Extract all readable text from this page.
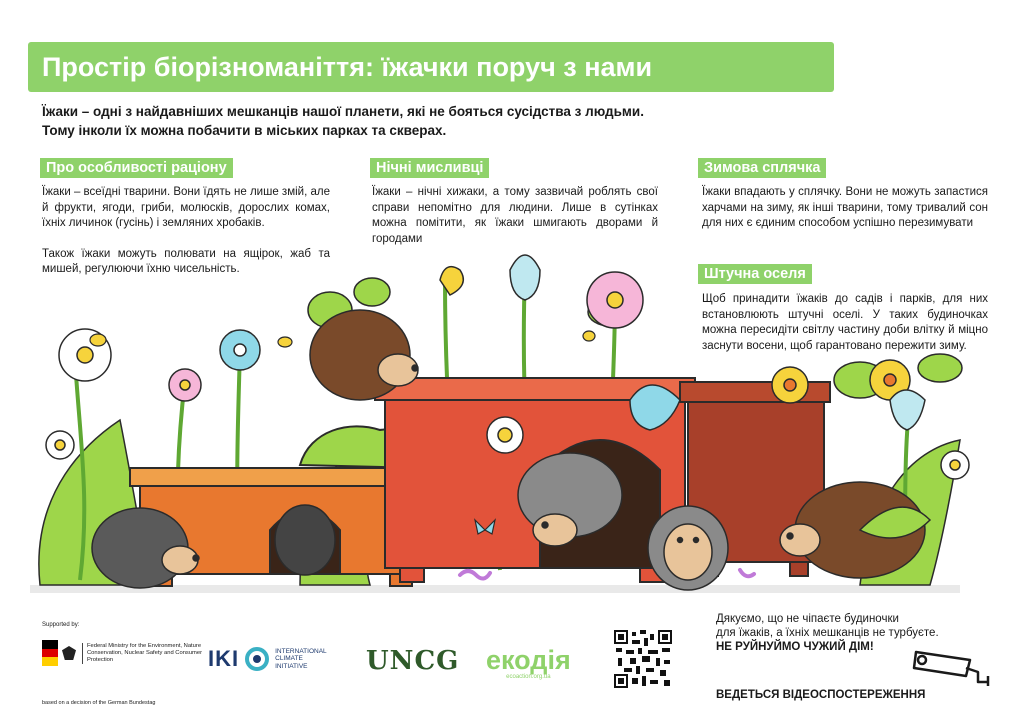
Простір біорізноманіття: їжачки поруч з нами
Їжаки – одні з найдавніших мешканців нашої планети, які не бояться сусідства з людьми.
Тому інколи їх можна побачити в міських парках та скверах.
Про особливості раціону

Їжаки – всеїдні тварини. Вони їдять не лише змій, але й фрукти, ягоди, гриби, молюсків, дорослих комах, їхніх личинок (гусінь) і земляних хробаків.

Також їжаки можуть полювати на ящірок, жаб та мишей, регулюючи їхню чисельність.

Нічні мисливці
Їжаки – нічні хижаки, а тому зазвичай роблять свої справи непомітно для людини. Лише в сутінках можна помітити, як їжаки шмигають дворами й городами
Зимова сплячка
Їжаки впадають у сплячку. Вони не можуть запастися харчами на зиму, як інші тварини, тому тривалий сон для них є єдиним способом успішно перезимувати
Штучна оселя
Щоб принадити їжаків до садів і парків, для них встановлюють штучні оселі. У таких будиночках можна пересидіти світлу частину доби влітку й міцно заснути восени, щоб гарантовано пережити зиму.
Supported by:
Federal Ministry for the Environment, Nature Conservation, Nuclear Safety and Consumer Protection
based on a decision of the German Bundestag
IKI	INTERNATIONAL
CLIMATE
INITIATIVE	UNCG екодія
ecoaction.org.ua
Дякуємо, що не чіпаєте будиночки
для їжаків, а їхніх мешканців не турбуєте.
НЕ РУЙНУЙМО ЧУЖИЙ ДІМ!
ВЕДЕТЬСЯ ВІДЕОСПОСТЕРЕЖЕННЯ
